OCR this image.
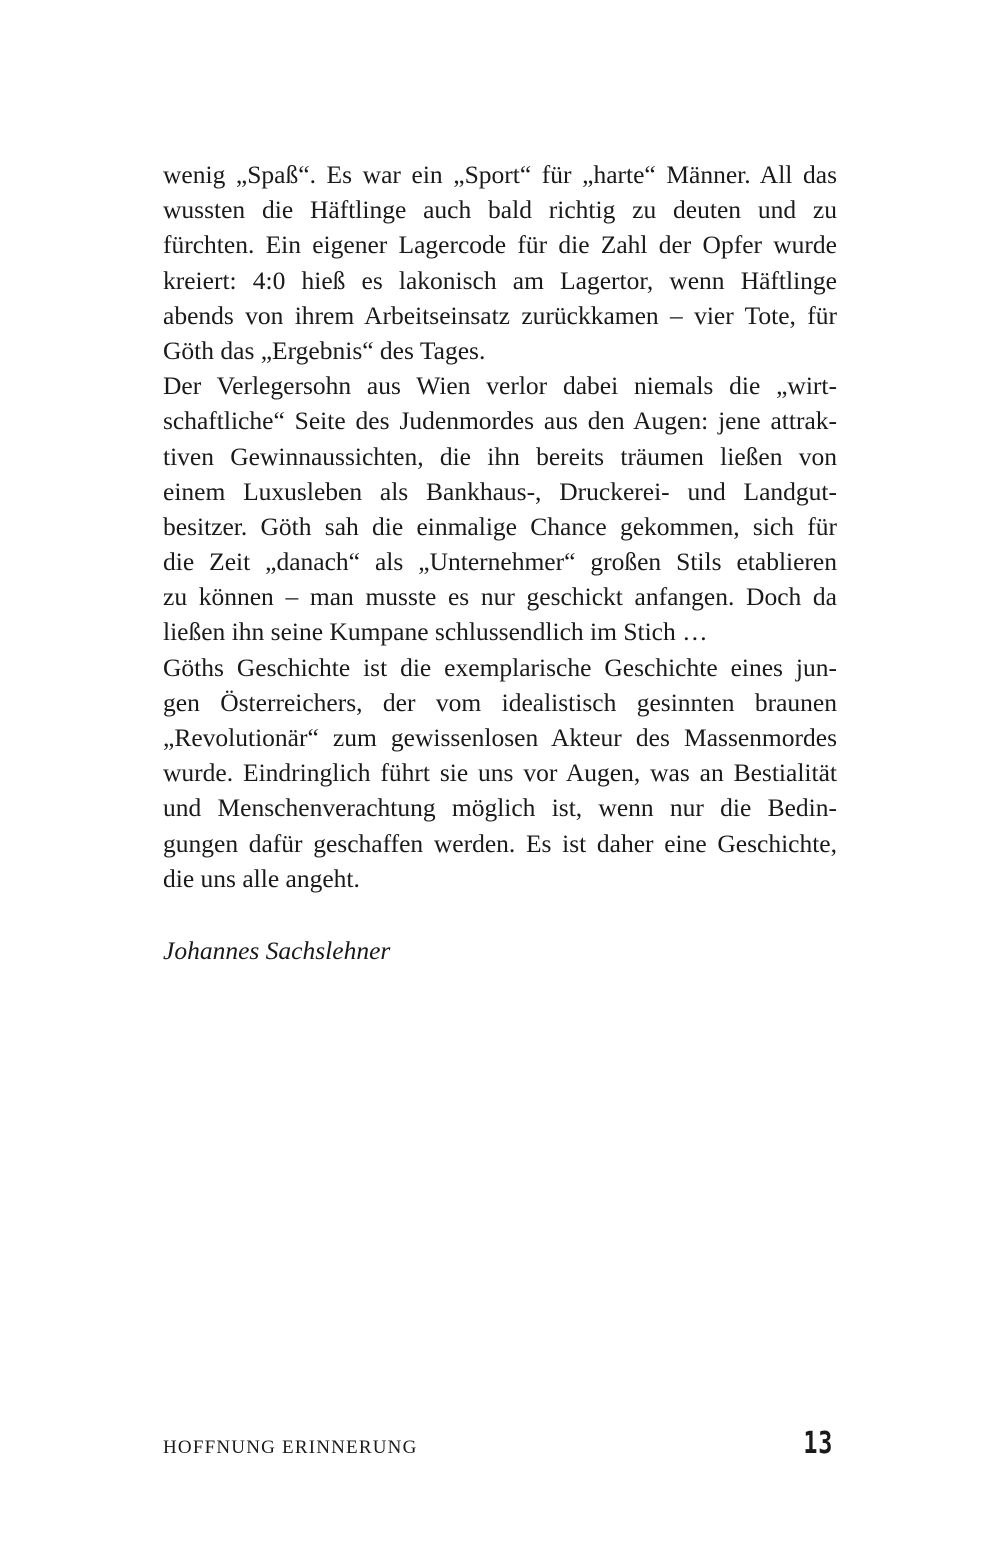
wenig „Spaß“. Es war ein „Sport“ für „harte“ Männer. All das
wussten die Häftlinge auch bald richtig zu deuten und zu
fürchten. Ein eigener Lagercode für die Zahl der Opfer wurde
kreiert: 4:0 hieß es lakonisch am Lagertor, wenn Häftlinge
abends von ihrem Arbeitseinsatz zurückkamen – vier Tote, für
Göth das „Ergebnis“ des Tages.
Der Verlegersohn aus Wien verlor dabei niemals die „wirt-
schaftliche“ Seite des Judenmordes aus den Augen: jene attrak-
tiven Gewinnaussichten, die ihn bereits träumen ließen von
einem Luxusleben als Bankhaus-, Druckerei- und Landgut-
besitzer. Göth sah die einmalige Chance gekommen, sich für
die Zeit „danach“ als „Unternehmer“ großen Stils etablieren
zu können – man musste es nur geschickt anfangen. Doch da
ließen ihn seine Kumpane schlussendlich im Stich …
Göths Geschichte ist die exemplarische Geschichte eines jun-
gen Österreichers, der vom idealistisch gesinnten braunen
„Revolutionär“ zum gewissenlosen Akteur des Massenmordes
wurde. Eindringlich führt sie uns vor Augen, was an Bestialität
und Menschenverachtung möglich ist, wenn nur die Bedin-
gungen dafür geschaffen werden. Es ist daher eine Geschichte,
die uns alle angeht.
Johannes Sachslehner
HOFFNUNG ERINNERUNG	13
